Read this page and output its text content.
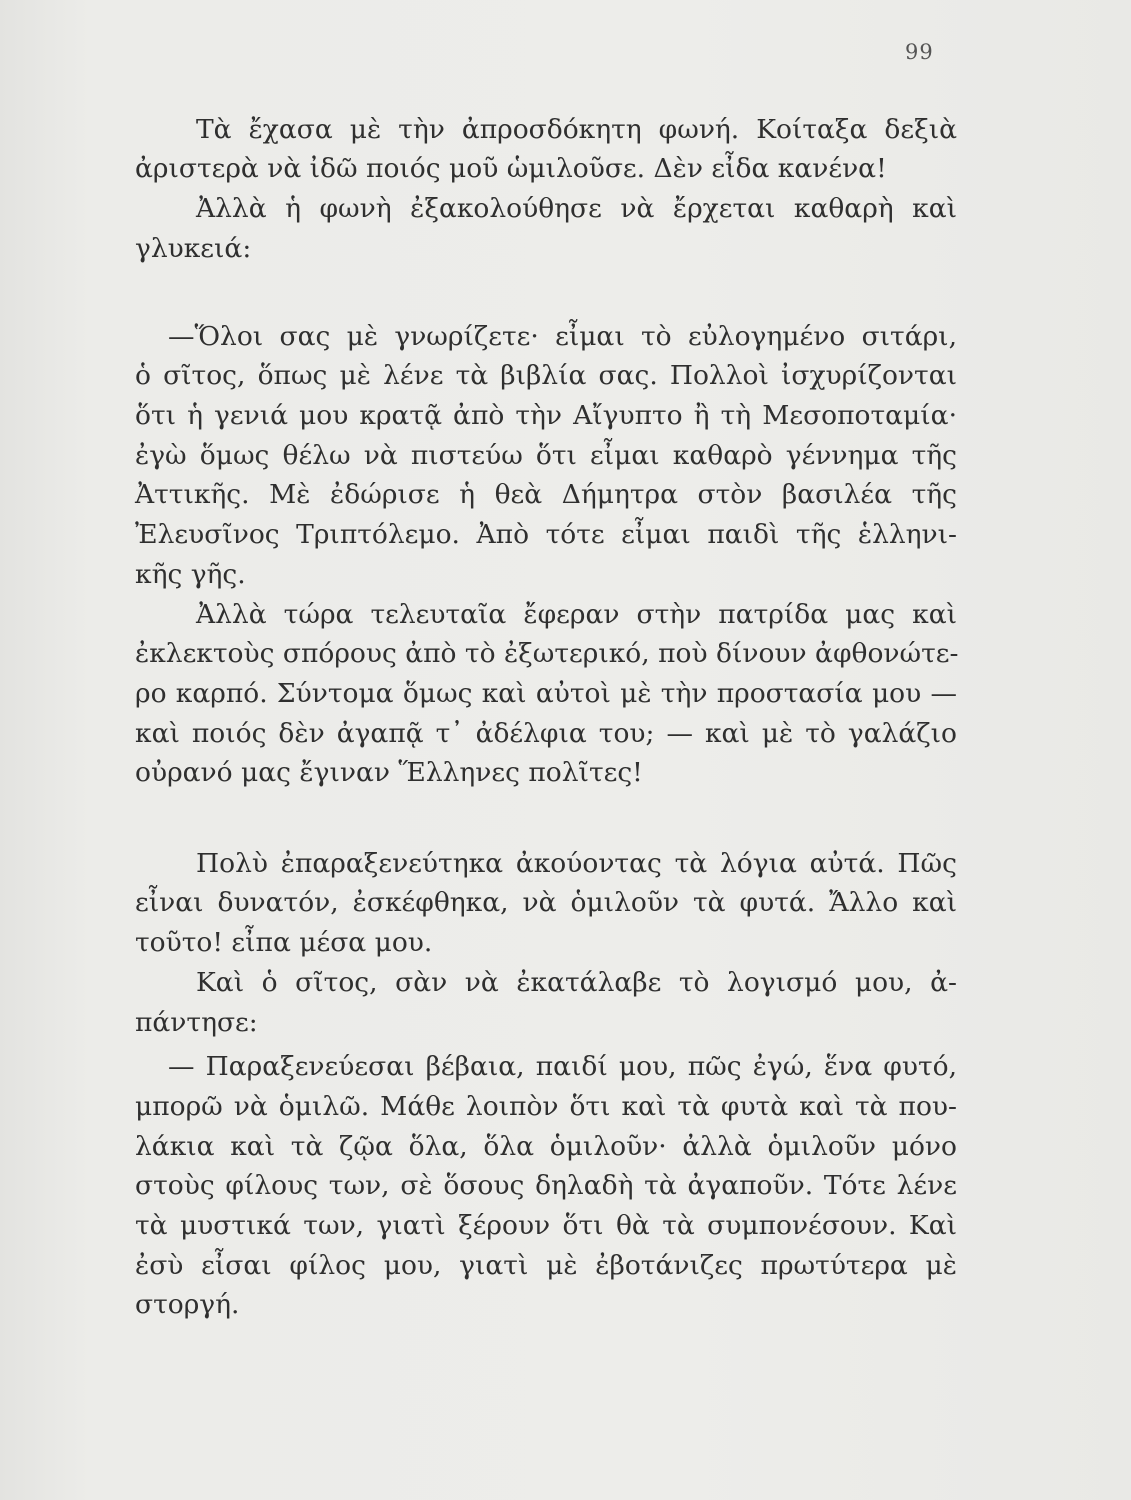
99
Τὰ ἔχασα μὲ τὴν ἀπροσδόκητη φωνή. Κοίταξα δεξιὰ
ἀριστερὰ νὰ ἰδῶ ποιός μοῦ ὡμιλοῦσε. Δὲν εἶδα κανένα!
Ἀλλὰ ἡ φωνὴ ἐξακολούθησε νὰ ἔρχεται καθαρὴ καὶ
γλυκειά:
—Ὅλοι σας μὲ γνωρίζετε· εἶμαι τὸ εὐλογημένο σιτάρι,
ὁ σῖτος, ὅπως μὲ λένε τὰ βιβλία σας. Πολλοὶ ἰσχυρίζονται
ὅτι ἡ γενιά μου κρατᾷ ἀπὸ τὴν Αἴγυπτο ἢ τὴ Μεσοποταμία·
ἐγὼ ὅμως θέλω νὰ πιστεύω ὅτι εἶμαι καθαρὸ γέννημα τῆς
Ἀττικῆς. Μὲ ἐδώρισε ἡ θεὰ Δήμητρα στὸν βασιλέα τῆς
Ἐλευσῖνος Τριπτόλεμο. Ἀπὸ τότε εἶμαι παιδὶ τῆς ἑλληνι-
κῆς γῆς.
Ἀλλὰ τώρα τελευταῖα ἔφεραν στὴν πατρίδα μας καὶ
ἐκλεκτοὺς σπόρους ἀπὸ τὸ ἐξωτερικό, ποὺ δίνουν ἀφθονώτε-
ρο καρπό. Σύντομα ὅμως καὶ αὐτοὶ μὲ τὴν προστασία μου —
καὶ ποιός δὲν ἀγαπᾷ τ᾿ ἀδέλφια του; — καὶ μὲ τὸ γαλάζιο
οὐρανό μας ἔγιναν Ἕλληνες πολῖτες!
Πολὺ ἐπαραξενεύτηκα ἀκούοντας τὰ λόγια αὐτά. Πῶς
εἶναι δυνατόν, ἐσκέφθηκα, νὰ ὁμιλοῦν τὰ φυτά. Ἄλλο καὶ
τοῦτο! εἶπα μέσα μου.
Καὶ ὁ σῖτος, σὰν νὰ ἐκατάλαβε τὸ λογισμό μου, ἀ-
πάντησε:
— Παραξενεύεσαι βέβαια, παιδί μου, πῶς ἐγώ, ἕνα φυτό,
μπορῶ νὰ ὁμιλῶ. Μάθε λοιπὸν ὅτι καὶ τὰ φυτὰ καὶ τὰ που-
λάκια καὶ τὰ ζῷα ὅλα, ὅλα ὁμιλοῦν· ἀλλὰ ὁμιλοῦν μόνο
στοὺς φίλους των, σὲ ὅσους δηλαδὴ τὰ ἀγαποῦν. Τότε λένε
τὰ μυστικά των, γιατὶ ξέρουν ὅτι θὰ τὰ συμπονέσουν. Καὶ
ἐσὺ εἶσαι φίλος μου, γιατὶ μὲ ἐβοτάνιζες πρωτύτερα μὲ
στοργή.
